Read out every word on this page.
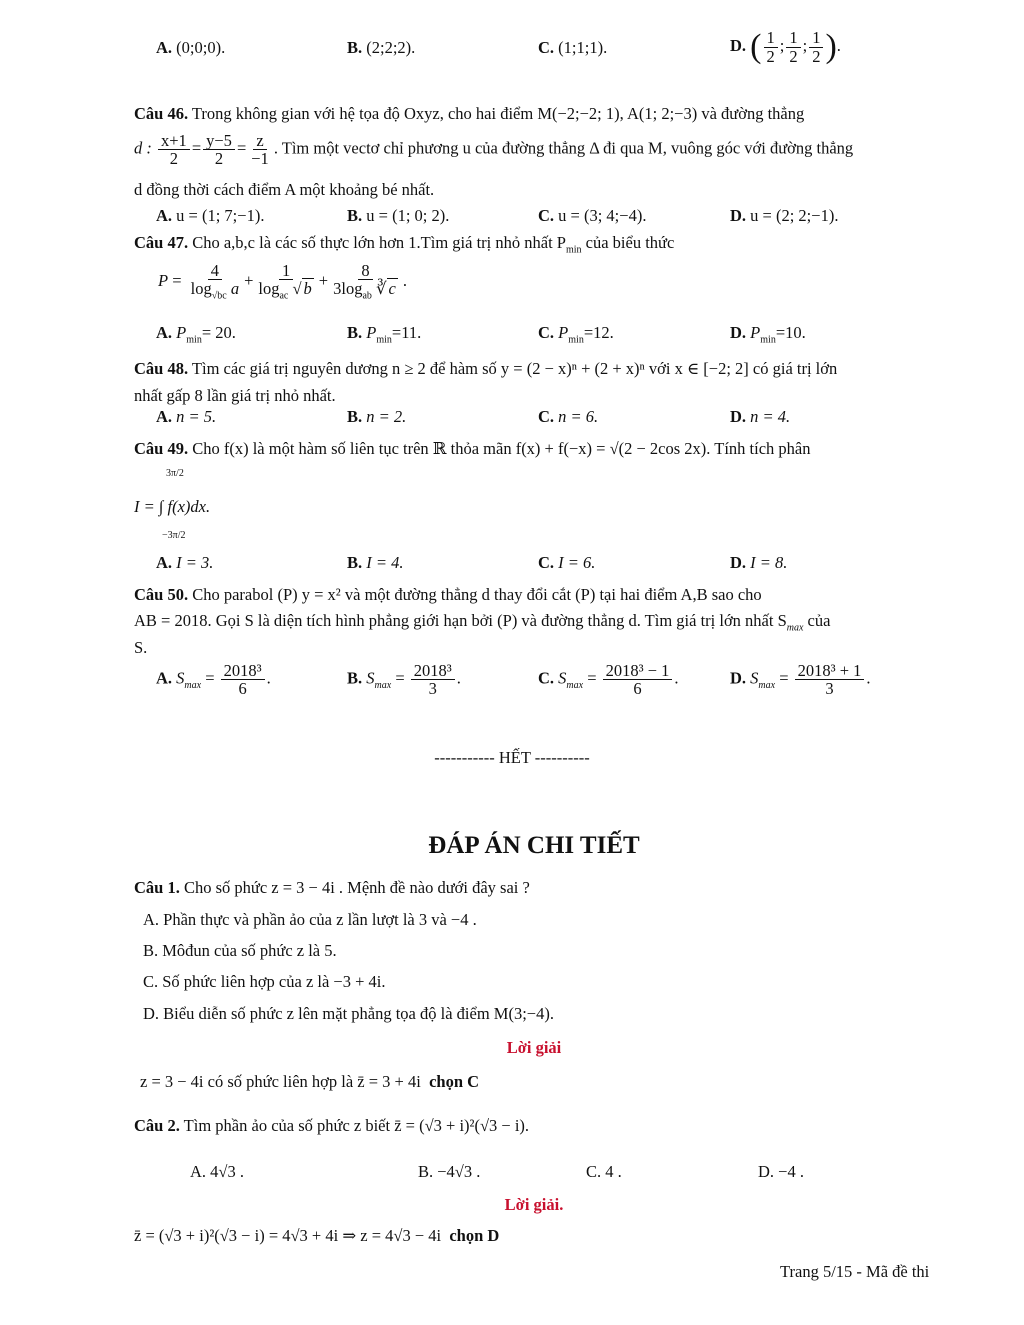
A. (0;0;0).	B. (2;2;2).	C. (1;1;1).	D. ( $\frac{1}{2}$ ; $\frac{1}{2}$ ; $\frac{1}{2}$ ).
Câu 46. Trong không gian với hệ tọa độ Oxyz, cho hai điểm M(−2;−2; 1), A(1; 2;−3) và đường thẳng
d : $\frac{x+1}{2} = \frac{y-5}{2} = \frac{z}{-1}$ . Tìm một vectơ chỉ phương u của đường thẳng Δ đi qua M, vuông góc với đường thẳng
d đồng thời cách điểm A một khoảng bé nhất.
A. u = (1; 7;−1).	B. u = (1; 0; 2).	C. u = (3; 4;−4).	D. u = (2; 2;−1).
Câu 47. Cho a,b,c là các số thực lớn hơn 1.Tìm giá trị nhỏ nhất $P_{min}$ của biểu thức
$P = \frac{4}{\log_{√bc} a} + \frac{1}{\log_{ac} √ b} + \frac{8}{3\log_{ab} ∛ c}$ .
A. $P_{min}= 20$.	B. $P_{min}=11$.	C. $P_{min}=12$.	D. $P_{min}=10$.
Câu 48. Tìm các giá trị nguyên dương n ≥ 2 để hàm số y = (2 − x)ⁿ + (2 + x)ⁿ với x ∈ [−2; 2] có giá trị lớn
nhất gấp 8 lần giá trị nhỏ nhất.
A. n = 5.	B. n = 2.	C. n = 6.	D. n = 4.
Câu 49. Cho f(x) là một hàm số liên tục trên ℝ thỏa mãn f(x) + f(−x) = √(2 − 2cos 2x). Tính tích phân
3π/2
I = ∫ f(x)dx.
−3π/2
A. I = 3.	B. I = 4.	C. I = 6.	D. I = 8.
Câu 50. Cho parabol (P) y = x² và một đường thẳng d thay đổi cắt (P) tại hai điểm A,B sao cho
AB = 2018. Gọi S là diện tích hình phẳng giới hạn bởi (P) và đường thẳng d. Tìm giá trị lớn nhất $S_{max}$ của
S.
A. $S_{max} = \frac{\text{2018³}}{6}$ .	B. $S_{max} = \frac{\text{2018³}}{3}$ .	C. $S_{max} = \frac{\text{2018³ − 1}}{6}$ .	D. $S_{max} = \frac{\text{2018³ + 1}}{3}$ .
----------- HẾT ----------
ĐÁP ÁN CHI TIẾT
Câu 1. Cho số phức z = 3 − 4i . Mệnh đề nào dưới đây sai ?
A. Phần thực và phần ảo của z lần lượt là 3 và −4 .
B. Môđun của số phức z là 5.
C. Số phức liên hợp của z là −3 + 4i.
D. Biểu diễn số phức z lên mặt phẳng tọa độ là điểm M(3;−4).
Lời giải
z = 3 − 4i có số phức liên hợp là z̄ = 3 + 4i chọn C
Câu 2. Tìm phần ảo của số phức z biết z̄ = (√3 + i)²(√3 − i).
A. 4√3 .	B. −4√3 .	C. 4 .	D. −4 .
Lời giải.
z̄ = (√3 + i)²(√3 − i) = 4√3 + 4i ⇒ z = 4√3 − 4i chọn D
Trang 5/15 - Mã đề thi
